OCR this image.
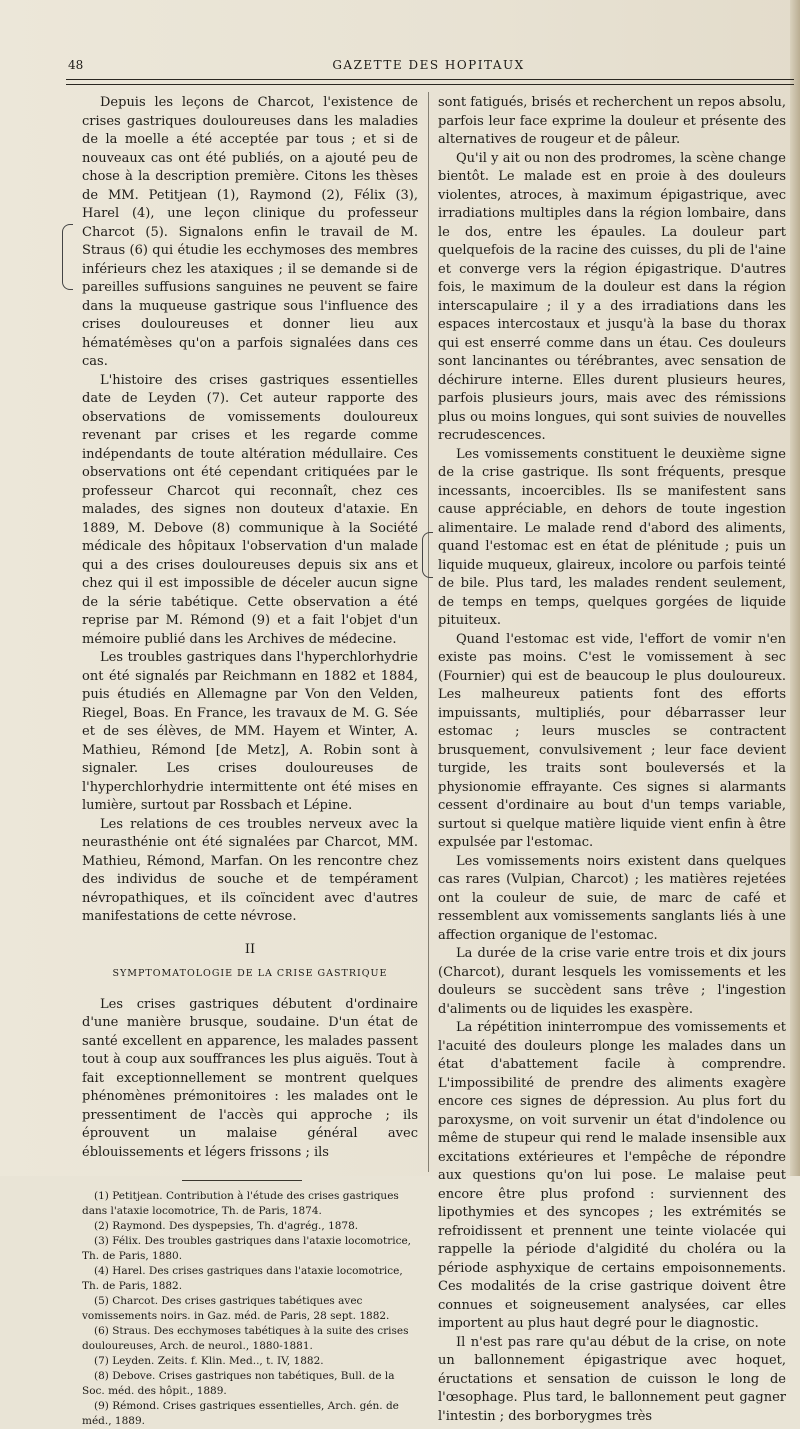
48	GAZETTE DES HOPITAUX

Depuis les leçons de Charcot, l'existence de crises gastriques douloureuses dans les maladies de la moelle a été acceptée par tous ; et si de nouveaux cas ont été publiés, on a ajouté peu de chose à la description première. Citons les thèses de MM. Petitjean (1), Raymond (2), Félix (3), Harel (4), une leçon clinique du professeur Charcot (5). Signalons enfin le travail de M. Straus (6) qui étudie les ecchymoses des membres inférieurs chez les ataxiques ; il se demande si de pareilles suffusions sanguines ne peuvent se faire dans la muqueuse gastrique sous l'influence des crises douloureuses et donner lieu aux hématémèses qu'on a parfois signalées dans ces cas.

L'histoire des crises gastriques essentielles date de Leyden (7). Cet auteur rapporte des observations de vomissements douloureux revenant par crises et les regarde comme indépendants de toute altération médullaire. Ces observations ont été cependant critiquées par le professeur Charcot qui reconnaît, chez ces malades, des signes non douteux d'ataxie. En 1889, M. Debove (8) communique à la Société médicale des hôpitaux l'observation d'un malade qui a des crises douloureuses depuis six ans et chez qui il est impossible de déceler aucun signe de la série tabétique. Cette observation a été reprise par M. Rémond (9) et a fait l'objet d'un mémoire publié dans les Archives de médecine.

Les troubles gastriques dans l'hyperchlorhydrie ont été signalés par Reichmann en 1882 et 1884, puis étudiés en Allemagne par Von den Velden, Riegel, Boas. En France, les travaux de M. G. Sée et de ses élèves, de MM. Hayem et Winter, A. Mathieu, Rémond [de Metz], A. Robin sont à signaler. Les crises douloureuses de l'hyperchlorhydrie intermittente ont été mises en lumière, surtout par Rossbach et Lépine.

Les relations de ces troubles nerveux avec la neurasthénie ont été signalées par Charcot, MM. Mathieu, Rémond, Marfan. On les rencontre chez des individus de souche et de tempérament névropathiques, et ils coïncident avec d'autres manifestations de cette névrose.

II
SYMPTOMATOLOGIE DE LA CRISE GASTRIQUE

Les crises gastriques débutent d'ordinaire d'une manière brusque, soudaine. D'un état de santé excellent en apparence, les malades passent tout à coup aux souffrances les plus aiguës. Tout à fait exceptionnellement se montrent quelques phénomènes prémonitoires : les malades ont le pressentiment de l'accès qui approche ; ils éprouvent un malaise général avec éblouissements et légers frissons ; ils

(1) Petitjean. Contribution à l'étude des crises gastriques dans l'ataxie locomotrice, Th. de Paris, 1874.
(2) Raymond. Des dyspepsies, Th. d'agrég., 1878.
(3) Félix. Des troubles gastriques dans l'ataxie locomotrice, Th. de Paris, 1880.
(4) Harel. Des crises gastriques dans l'ataxie locomotrice, Th. de Paris, 1882.
(5) Charcot. Des crises gastriques tabétiques avec vomissements noirs. in Gaz. méd. de Paris, 28 sept. 1882.
(6) Straus. Des ecchymoses tabétiques à la suite des crises douloureuses, Arch. de neurol., 1880-1881.
(7) Leyden. Zeits. f. Klin. Med.., t. IV, 1882.
(8) Debove. Crises gastriques non tabétiques, Bull. de la Soc. méd. des hôpit., 1889.
(9) Rémond. Crises gastriques essentielles, Arch. gén. de méd., 1889.

sont fatigués, brisés et recherchent un repos absolu, parfois leur face exprime la douleur et présente des alternatives de rougeur et de pâleur.

Qu'il y ait ou non des prodromes, la scène change bientôt. Le malade est en proie à des douleurs violentes, atroces, à maximum épigastrique, avec irradiations multiples dans la région lombaire, dans le dos, entre les épaules. La douleur part quelquefois de la racine des cuisses, du pli de l'aine et converge vers la région épigastrique. D'autres fois, le maximum de la douleur est dans la région interscapulaire ; il y a des irradiations dans les espaces intercostaux et jusqu'à la base du thorax qui est enserré comme dans un étau. Ces douleurs sont lancinantes ou térébrantes, avec sensation de déchirure interne. Elles durent plusieurs heures, parfois plusieurs jours, mais avec des rémissions plus ou moins longues, qui sont suivies de nouvelles recrudescences.

Les vomissements constituent le deuxième signe de la crise gastrique. Ils sont fréquents, presque incessants, incoercibles. Ils se manifestent sans cause appréciable, en dehors de toute ingestion alimentaire. Le malade rend d'abord des aliments, quand l'estomac est en état de plénitude ; puis un liquide muqueux, glaireux, incolore ou parfois teinté de bile. Plus tard, les malades rendent seulement, de temps en temps, quelques gorgées de liquide pituiteux.

Quand l'estomac est vide, l'effort de vomir n'en existe pas moins. C'est le vomissement à sec (Fournier) qui est de beaucoup le plus douloureux. Les malheureux patients font des efforts impuissants, multipliés, pour débarrasser leur estomac ; leurs muscles se contractent brusquement, convulsivement ; leur face devient turgide, les traits sont bouleversés et la physionomie effrayante. Ces signes si alarmants cessent d'ordinaire au bout d'un temps variable, surtout si quelque matière liquide vient enfin à être expulsée par l'estomac.

Les vomissements noirs existent dans quelques cas rares (Vulpian, Charcot) ; les matières rejetées ont la couleur de suie, de marc de café et ressemblent aux vomissements sanglants liés à une affection organique de l'estomac.

La durée de la crise varie entre trois et dix jours (Charcot), durant lesquels les vomissements et les douleurs se succèdent sans trêve ; l'ingestion d'aliments ou de liquides les exaspère.

La répétition ininterrompue des vomissements et l'acuité des douleurs plonge les malades dans un état d'abattement facile à comprendre. L'impossibilité de prendre des aliments exagère encore ces signes de dépression. Au plus fort du paroxysme, on voit survenir un état d'indolence ou même de stupeur qui rend le malade insensible aux excitations extérieures et l'empêche de répondre aux questions qu'on lui pose. Le malaise peut encore être plus profond : surviennent des lipothymies et des syncopes ; les extrémités se refroidissent et prennent une teinte violacée qui rappelle la période d'algidité du choléra ou la période asphyxique de certains empoisonnements. Ces modalités de la crise gastrique doivent être connues et soigneusement analysées, car elles importent au plus haut degré pour le diagnostic.

Il n'est pas rare qu'au début de la crise, on note un ballonnement épigastrique avec hoquet, éructations et sensation de cuisson le long de l'œsophage. Plus tard, le ballonnement peut gagner l'intestin ; des borborygmes très
